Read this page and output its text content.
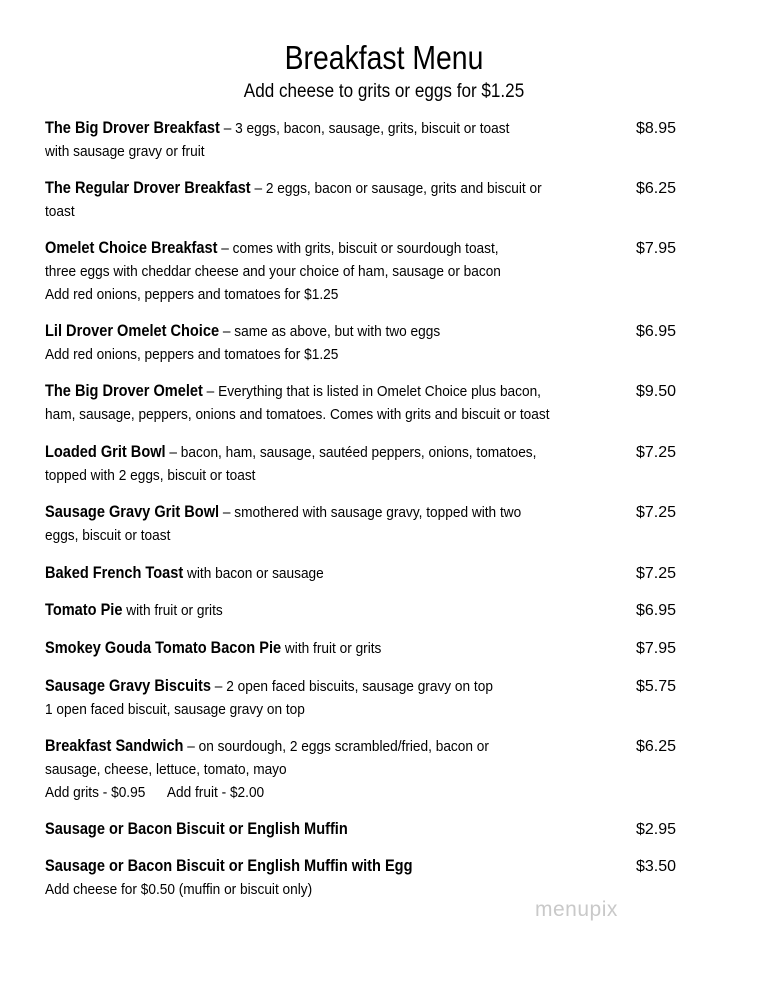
Breakfast Menu
Add cheese to grits or eggs for $1.25
The Big Drover Breakfast – 3 eggs, bacon, sausage, grits, biscuit or toast
with sausage gravy or fruit
$8.95
The Regular Drover Breakfast – 2 eggs, bacon or sausage, grits and biscuit or
toast
$6.25
Omelet Choice Breakfast – comes with grits, biscuit or sourdough toast,
three eggs with cheddar cheese and your choice of ham, sausage or bacon
Add red onions, peppers and tomatoes for $1.25
$7.95
Lil Drover Omelet Choice – same as above, but with two eggs
Add red onions, peppers and tomatoes for $1.25
$6.95
The Big Drover Omelet – Everything that is listed in Omelet Choice plus bacon,
ham, sausage, peppers, onions and tomatoes. Comes with grits and biscuit or toast
$9.50
Loaded Grit Bowl – bacon, ham, sausage, sautéed peppers, onions, tomatoes,
topped with 2 eggs, biscuit or toast
$7.25
Sausage Gravy Grit Bowl – smothered with sausage gravy, topped with two
eggs, biscuit or toast
$7.25
Baked French Toast with bacon or sausage	$7.25
Tomato Pie with fruit or grits	$6.95
Smokey Gouda Tomato Bacon Pie with fruit or grits	$7.95
Sausage Gravy Biscuits – 2 open faced biscuits, sausage gravy on top
1 open faced biscuit, sausage gravy on top
$5.75
Breakfast Sandwich – on sourdough, 2 eggs scrambled/fried, bacon or
sausage, cheese, lettuce, tomato, mayo
Add grits - $0.95 Add fruit - $2.00
$6.25
Sausage or Bacon Biscuit or English Muffin	$2.95
Sausage or Bacon Biscuit or English Muffin with Egg
Add cheese for $0.50 (muffin or biscuit only)
$3.50
menupix
